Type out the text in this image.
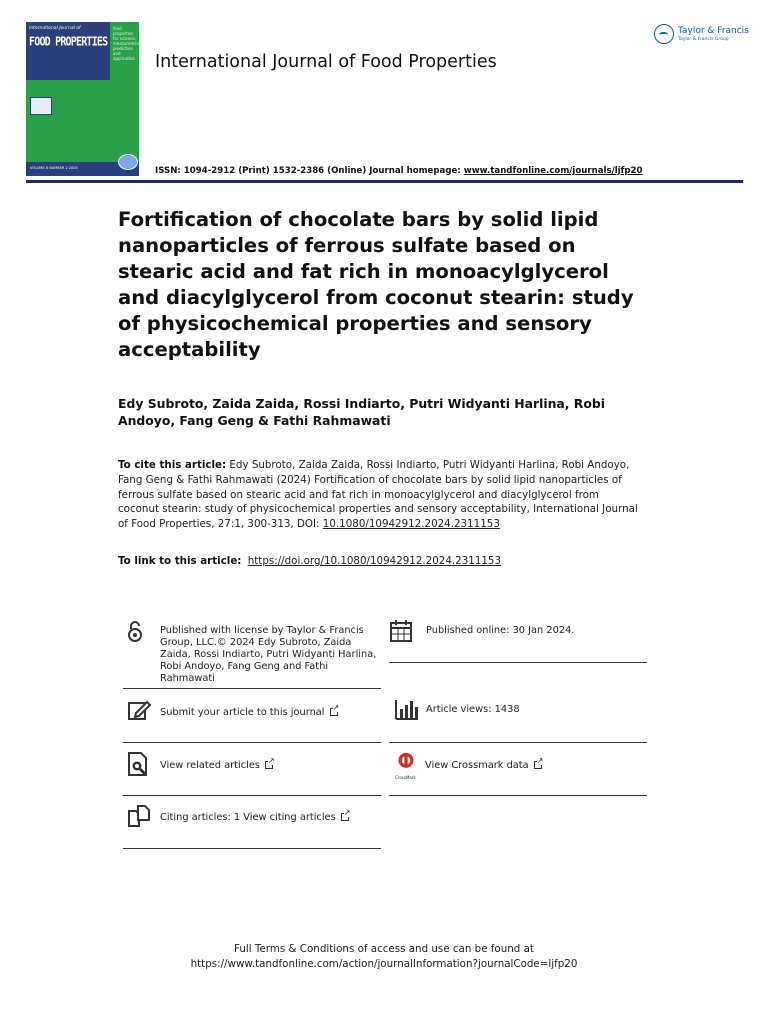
International Journal of
FOOD PROPERTIES
food properties for science, measurement, prediction and application
VOLUME 8 NUMBER 2 2005
International Journal of Food Properties
Taylor & Francis
Taylor & Francis Group
ISSN: 1094-2912 (Print) 1532-2386 (Online) Journal homepage: www.tandfonline.com/journals/ljfp20
Fortification of chocolate bars by solid lipid nanoparticles of ferrous sulfate based on stearic acid and fat rich in monoacylglycerol and diacylglycerol from coconut stearin: study of physicochemical properties and sensory acceptability
Edy Subroto, Zaida Zaida, Rossi Indiarto, Putri Widyanti Harlina, Robi Andoyo, Fang Geng & Fathi Rahmawati
To cite this article: Edy Subroto, Zaida Zaida, Rossi Indiarto, Putri Widyanti Harlina, Robi Andoyo, Fang Geng & Fathi Rahmawati (2024) Fortification of chocolate bars by solid lipid nanoparticles of ferrous sulfate based on stearic acid and fat rich in monoacylglycerol and diacylglycerol from coconut stearin: study of physicochemical properties and sensory acceptability, International Journal of Food Properties, 27:1, 300-313, DOI: 10.1080/10942912.2024.2311153
To link to this article: https://doi.org/10.1080/10942912.2024.2311153
Published with license by Taylor & Francis Group, LLC.© 2024 Edy Subroto, Zaida Zaida, Rossi Indiarto, Putri Widyanti Harlina, Robi Andoyo, Fang Geng and Fathi Rahmawati
Published online: 30 Jan 2024.
Submit your article to this journal↗	Article views: 1438
View related articles↗
CrossMark
View Crossmark data↗
Citing articles: 1 View citing articles↗
Full Terms & Conditions of access and use can be found at
https://www.tandfonline.com/action/journalInformation?journalCode=ljfp20
